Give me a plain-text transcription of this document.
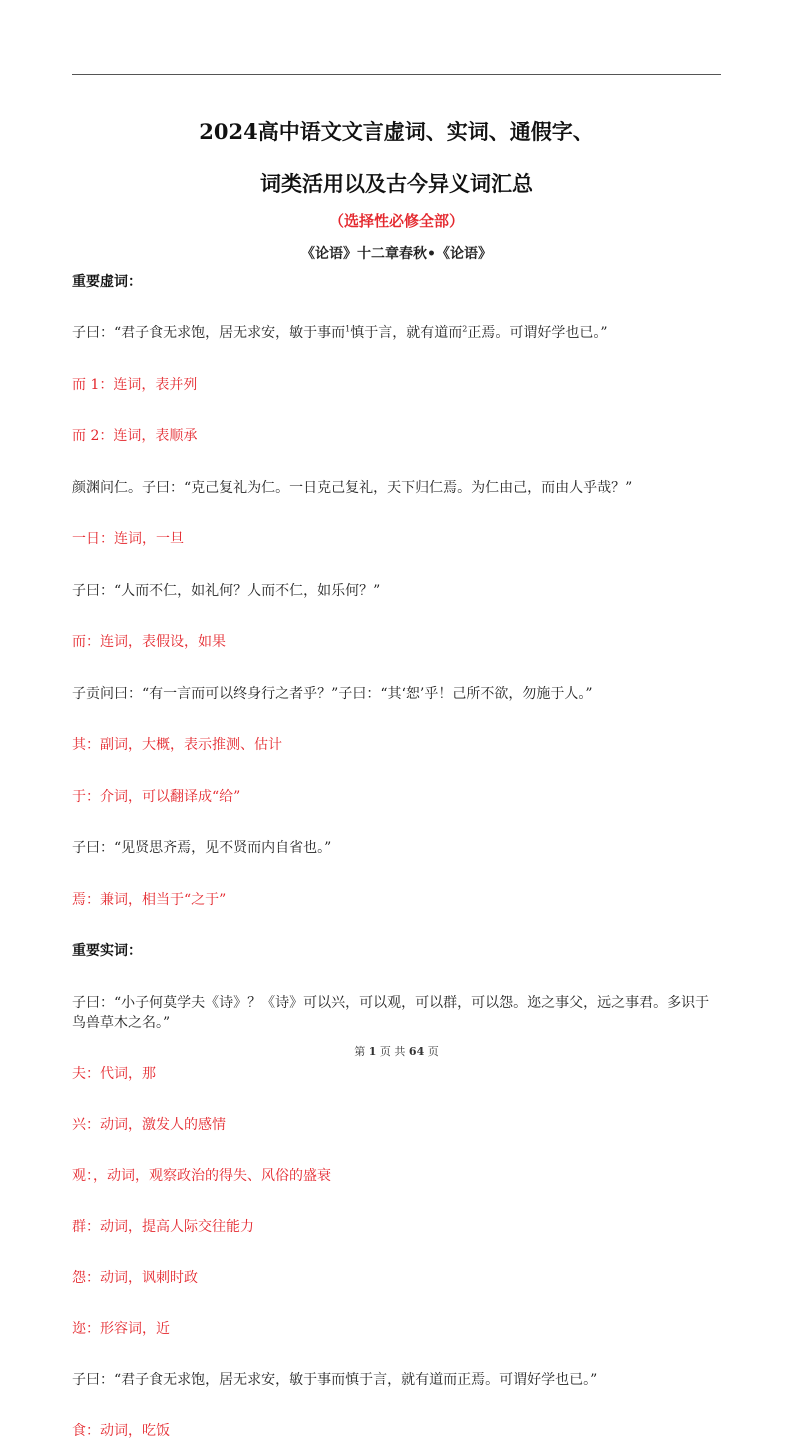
2024高中语文文言虚词、实词、通假字、
词类活用以及古今异义词汇总
（选择性必修全部）
《论语》十二章春秋•《论语》

重要虚词：

子曰：“君子食无求饱，居无求安，敏于事而$^1$慎于言，就有道而$^2$正焉。可谓好学也已。”

而 1：连词，表并列

而 2：连词，表顺承

颜渊问仁。子曰：“克己复礼为仁。一日克己复礼，天下归仁焉。为仁由己，而由人乎哉？”

一日：连词，一旦

子曰：“人而不仁，如礼何？人而不仁，如乐何？”

而：连词，表假设，如果

子贡问曰：“有一言而可以终身行之者乎？”子曰：“其‘恕’乎！己所不欲，勿施于人。”

其：副词，大概，表示推测、估计

于：介词，可以翻译成“给”

子曰：“见贤思齐焉，见不贤而内自省也。”

焉：兼词，相当于“之于”

重要实词：

子曰：“小子何莫学夫《诗》？《诗》可以兴，可以观，可以群，可以怨。迩之事父，远之事君。多识于鸟兽草木之名。”

夫：代词，那

兴：动词，激发人的感情

观：，动词，观察政治的得失、风俗的盛衰

群：动词，提高人际交往能力

怨：动词，讽刺时政

迩：形容词，近

子曰：“君子食无求饱，居无求安，敏于事而慎于言，就有道而正焉。可谓好学也已。”

食：动词，吃饭

第 1 页 共 64 页
